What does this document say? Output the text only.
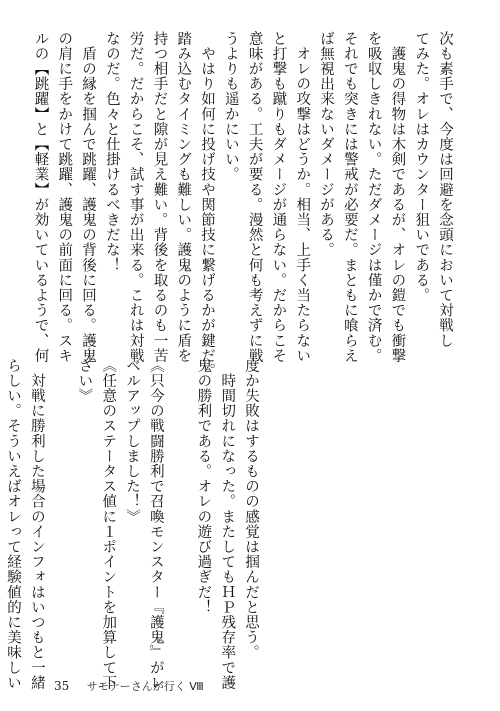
次も素手で、今度は回避を念頭において対戦し
てみた。オレはカウンター狙いである。
　護鬼の得物は木剣であるが、オレの鎧でも衝撃
を吸収しきれない。ただダメージは僅かで済む。
それでも突きには警戒が必要だ。まともに喰らえ
ば無視出来ないダメージがある。
　オレの攻撃はどうか。相当、上手く当たらない
と打撃も蹴りもダメージが通らない。だからこそ
意味がある。工夫が要る。漫然と何も考えずに戦
うよりも遥かにいい。
　やはり如何に投げ技や関節技に繋げるかが鍵だ。
踏み込むタイミングも難しい。護鬼のように盾を
持つ相手だと隙が見え難い。背後を取るのも一苦
労だ。だからこそ、試す事が出来る。これは対戦
なのだ。色々と仕掛けるべきだな！
　盾の縁を掴んで跳躍、護鬼の背後に回る。護鬼
の肩に手をかけて跳躍、護鬼の前面に回る。スキ
ルの【跳躍】と【軽業】が効いているようで、何
度か失敗はするものの感覚は掴んだと思う。
　時間切れになった。またしてもＨＰ残存率で護
鬼の勝利である。オレの遊び過ぎだ！

《只今の戦闘勝利で召喚モンスター『護鬼』がレ
ベルアップしました！》
《任意のステータス値に１ポイントを加算して下
さい》

　対戦に勝利した場合のインフォはいつもと一緒
らしい。そういえばオレって経験値的に美味しい	35 サモナーさんが行く Ⅷ
